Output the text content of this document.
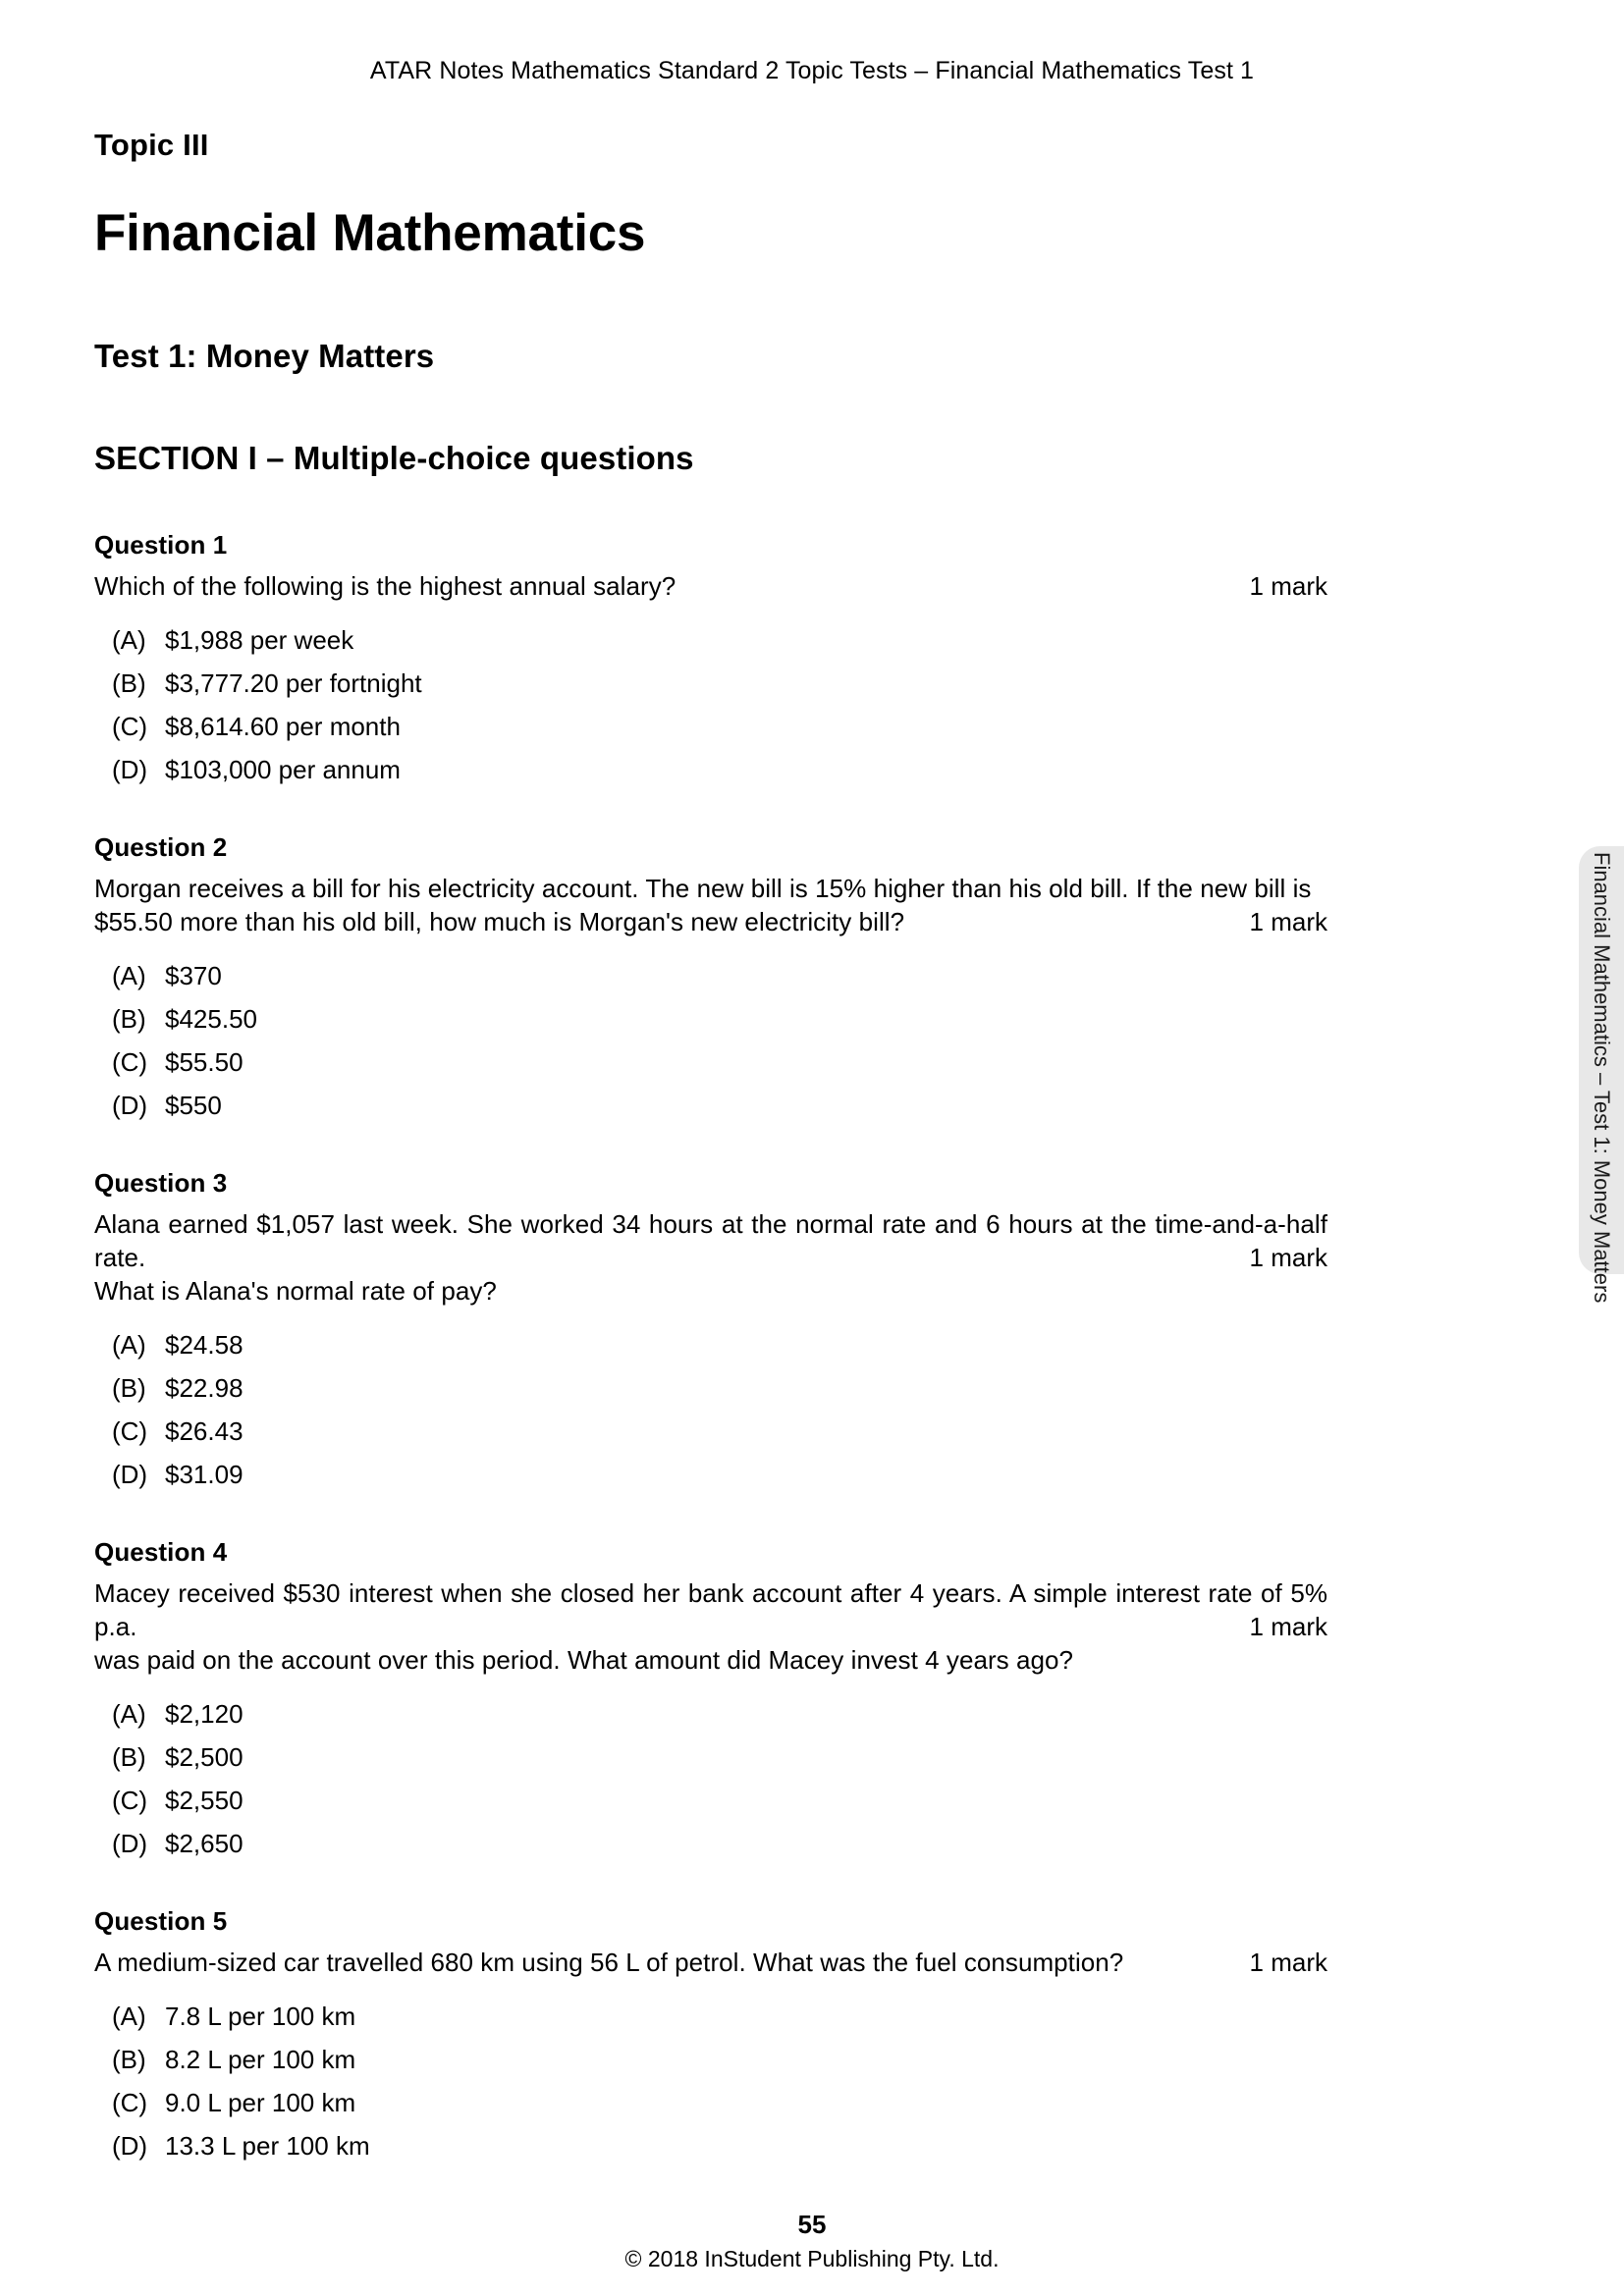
ATAR Notes Mathematics Standard 2 Topic Tests – Financial Mathematics Test 1
Topic III
Financial Mathematics
Test 1: Money Matters
SECTION I – Multiple-choice questions
Question 1

Which of the following is the highest annual salary?	1 mark
(A) $1,988 per week
(B) $3,777.20 per fortnight
(C) $8,614.60 per month
(D) $103,000 per annum
Question 2

Morgan receives a bill for his electricity account. The new bill is 15% higher than his old bill. If the new bill is

$55.50 more than his old bill, how much is Morgan's new electricity bill?	1 mark
(A) $370
(B) $425.50
(C) $55.50
(D) $550
Question 3

Alana earned $1,057 last week. She worked 34 hours at the normal rate and 6 hours at the time-and-a-half rate.

What is Alana's normal rate of pay?

1 mark
(A) $24.58
(B) $22.98
(C) $26.43
(D) $31.09
Question 4

Macey received $530 interest when she closed her bank account after 4 years. A simple interest rate of 5% p.a.

was paid on the account over this period. What amount did Macey invest 4 years ago?

1 mark
(A) $2,120
(B) $2,500
(C) $2,550
(D) $2,650
Question 5

A medium-sized car travelled 680 km using 56 L of petrol. What was the fuel consumption?	1 mark
(A) 7.8 L per 100 km
(B) 8.2 L per 100 km
(C) 9.0 L per 100 km
(D) 13.3 L per 100 km
Financial Mathematics – Test 1: Money Matters
55
© 2018 InStudent Publishing Pty. Ltd.
